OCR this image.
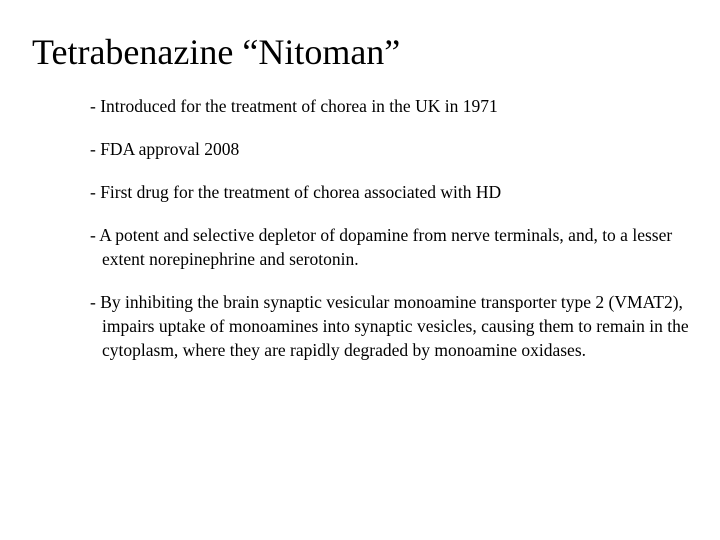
Tetrabenazine “Nitoman”
- Introduced for the treatment of chorea in the UK in 1971
- FDA approval 2008
- First drug for the treatment of chorea associated with HD
- A potent and selective depletor of dopamine from nerve terminals, and, to a lesser extent norepinephrine and serotonin.
- By inhibiting the brain synaptic vesicular monoamine transporter type 2 (VMAT2), impairs uptake of monoamines into synaptic vesicles, causing them to remain in the cytoplasm, where they are rapidly degraded by monoamine oxidases.
